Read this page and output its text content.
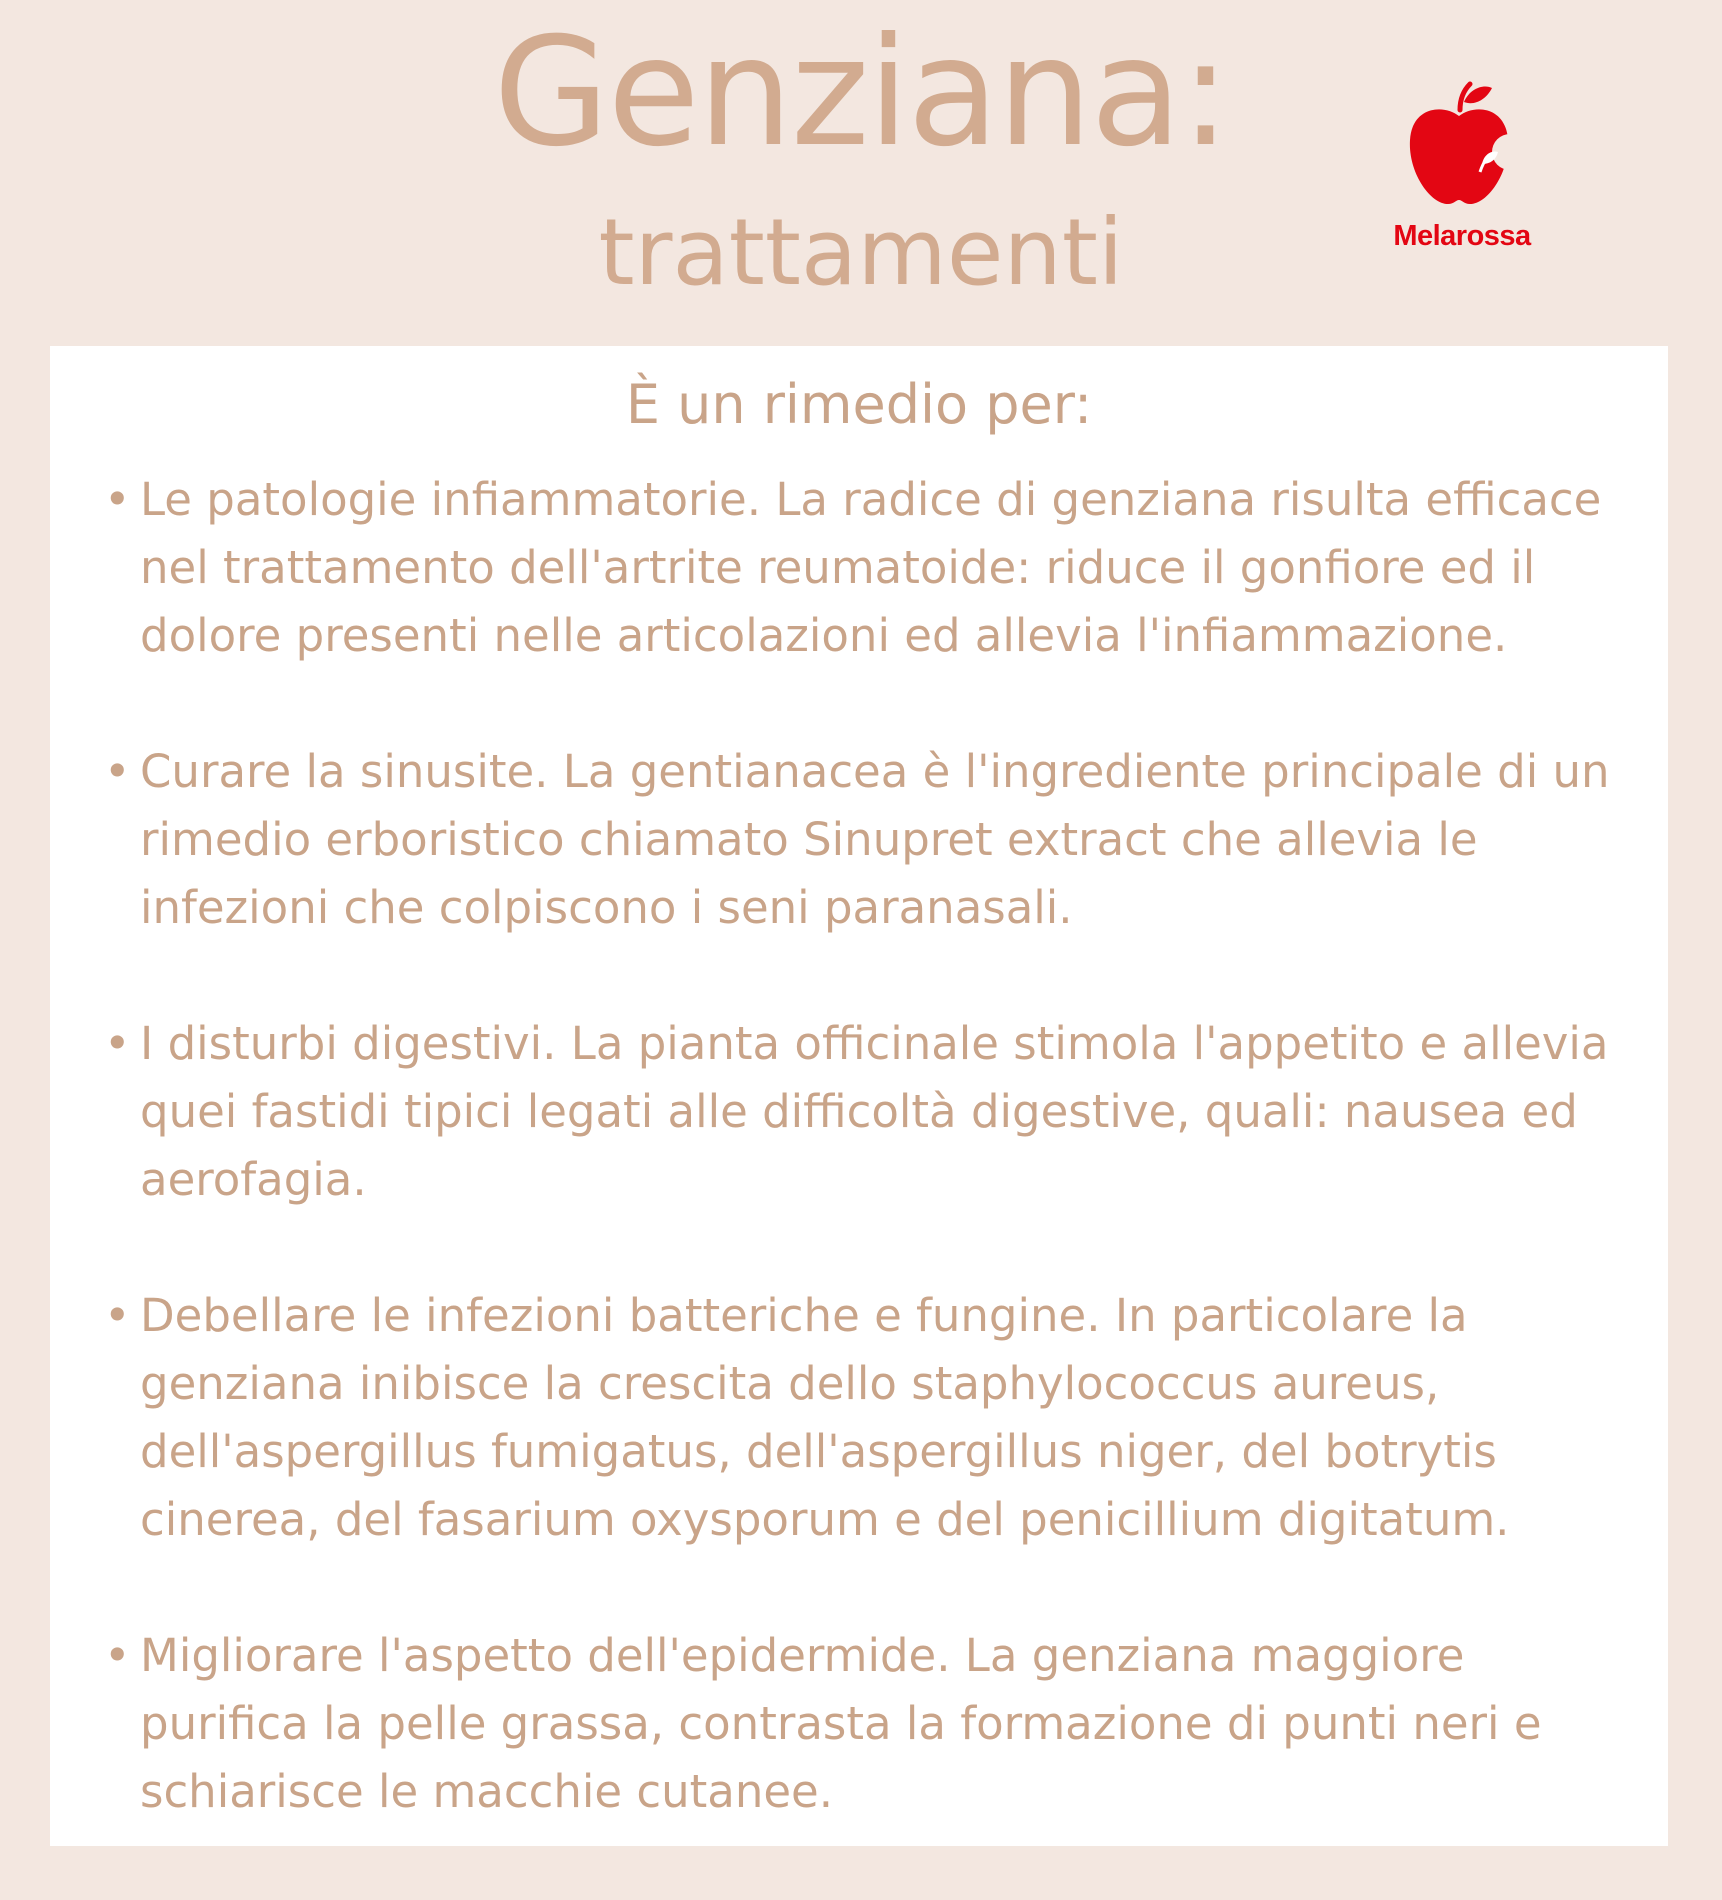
Genziana:
trattamenti	Melarossa
È un rimedio per:
• Le patologie infiammatorie. La radice di genziana risulta efficace nel trattamento dell'artrite reumatoide: riduce il gonfiore ed il dolore presenti nelle articolazioni ed allevia l'infiammazione.
• Curare la sinusite. La gentianacea è l'ingrediente principale di un rimedio erboristico chiamato Sinupret extract che allevia le infezioni che colpiscono i seni paranasali.
• I disturbi digestivi. La pianta officinale stimola l'appetito e allevia quei fastidi tipici legati alle difficoltà digestive, quali: nausea ed aerofagia.
• Debellare le infezioni batteriche e fungine. In particolare la genziana inibisce la crescita dello staphylococcus aureus, dell'aspergillus fumigatus, dell'aspergillus niger, del botrytis cinerea, del fasarium oxysporum e del penicillium digitatum.
• Migliorare l'aspetto dell'epidermide. La genziana maggiore purifica la pelle grassa, contrasta la formazione di punti neri e schiarisce le macchie cutanee.
